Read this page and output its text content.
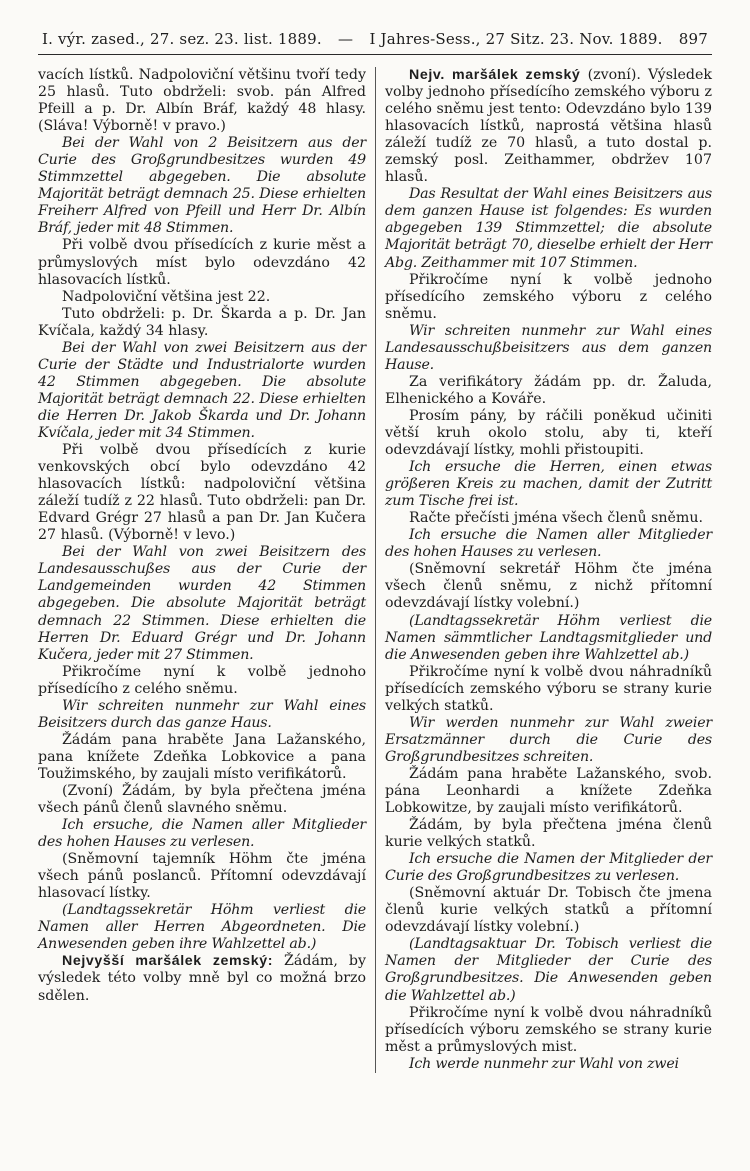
I. výr. zased., 27. sez. 23. list. 1889. — I Jahres-Sess., 27 Sitz. 23. Nov. 1889. 897

vacích lístků. Nadpoloviční většinu tvoří tedy 25 hlasů. Tuto obdrželi: svob. pán Alfred Pfeill a p. Dr. Albín Bráf, každý 48 hlasy. (Sláva! Výborně! v pravo.)

Bei der Wahl von 2 Beisitzern aus der Curie des Großgrundbesitzes wurden 49 Stimmzettel abgegeben. Die absolute Majorität beträgt demnach 25. Diese erhielten Freiherr Alfred von Pfeill und Herr Dr. Albín Bráf, jeder mit 48 Stimmen.

Při volbě dvou přísedících z kurie měst a průmyslových míst bylo odevzdáno 42 hlasovacích lístků.

Nadpoloviční většina jest 22.

Tuto obdrželi: p. Dr. Škarda a p. Dr. Jan Kvíčala, každý 34 hlasy.

Bei der Wahl von zwei Beisitzern aus der Curie der Städte und Industrialorte wurden 42 Stimmen abgegeben. Die absolute Majorität beträgt demnach 22. Diese erhielten die Herren Dr. Jakob Škarda und Dr. Johann Kvíčala, jeder mit 34 Stimmen.

Při volbě dvou přísedících z kurie venkovských obcí bylo odevzdáno 42 hlasovacích lístků: nadpoloviční většina záleží tudíž z 22 hlasů. Tuto obdrželi: pan Dr. Edvard Grégr 27 hlasů a pan Dr. Jan Kučera 27 hlasů. (Výborně! v levo.)

Bei der Wahl von zwei Beisitzern des Landesausschußes aus der Curie der Landgemeinden wurden 42 Stimmen abgegeben. Die absolute Majorität beträgt demnach 22 Stimmen. Diese erhielten die Herren Dr. Eduard Grégr und Dr. Johann Kučera, jeder mit 27 Stimmen.

Přikročíme nyní k volbě jednoho přísedícího z celého sněmu.

Wir schreiten nunmehr zur Wahl eines Beisitzers durch das ganze Haus.

Žádám pana hraběte Jana Lažanského, pana knížete Zdeňka Lobkovice a pana Toužimského, by zaujali místo verifikátorů.

(Zvoní) Žádám, by byla přečtena jména všech pánů členů slavného sněmu.

Ich ersuche, die Namen aller Mitglieder des hohen Hauses zu verlesen.

(Sněmovní tajemník Höhm čte jména všech pánů poslanců. Přítomní odevzdávají hlasovací lístky.

(Landtagssekretär Höhm verliest die Namen aller Herren Abgeordneten. Die Anwesenden geben ihre Wahlzettel ab.)

Nejvyšší maršálek zemský: Žádám, by výsledek této volby mně byl co možná brzo sdělen.

Nejv. maršálek zemský (zvoní). Výsledek volby jednoho přísedícího zemského výboru z celého sněmu jest tento: Odevzdáno bylo 139 hlasovacích lístků, naprostá většina hlasů záleží tudíž ze 70 hlasů, a tuto dostal p. zemský posl. Zeithammer, obdržev 107 hlasů.

Das Resultat der Wahl eines Beisitzers aus dem ganzen Hause ist folgendes: Es wurden abgegeben 139 Stimmzettel; die absolute Majorität beträgt 70, dieselbe erhielt der Herr Abg. Zeithammer mit 107 Stimmen.

Přikročíme nyní k volbě jednoho přísedícího zemského výboru z celého sněmu.

Wir schreiten nunmehr zur Wahl eines Landesausschußbeisitzers aus dem ganzen Hause.

Za verifikátory žádám pp. dr. Žaluda, Elhenického a Kováře.

Prosím pány, by ráčili poněkud učiniti větší kruh okolo stolu, aby ti, kteří odevzdávají lístky, mohli přistoupiti.

Ich ersuche die Herren, einen etwas größeren Kreis zu machen, damit der Zutritt zum Tische frei ist.

Račte přečísti jména všech členů sněmu.

Ich ersuche die Namen aller Mitglieder des hohen Hauses zu verlesen.

(Sněmovní sekretář Höhm čte jména všech členů sněmu, z nichž přítomní odevzdávají lístky volební.)

(Landtagssekretär Höhm verliest die Namen sämmtlicher Landtagsmitglieder und die Anwesenden geben ihre Wahlzettel ab.)

Přikročíme nyní k volbě dvou náhradníků přísedících zemského výboru se strany kurie velkých statků.

Wir werden nunmehr zur Wahl zweier Ersatzmänner durch die Curie des Großgrundbesitzes schreiten.

Žádám pana hraběte Lažanského, svob. pána Leonhardi a knížete Zdeňka Lobkowitze, by zaujali místo verifikátorů.

Žádám, by byla přečtena jména členů kurie velkých statků.

Ich ersuche die Namen der Mitglieder der Curie des Großgrundbesitzes zu verlesen.

(Sněmovní aktuár Dr. Tobisch čte jmena členů kurie velkých statků a přítomní odevzdávají lístky volební.)

(Landtagsaktuar Dr. Tobisch verliest die Namen der Mitglieder der Curie des Großgrundbesitzes. Die Anwesenden geben die Wahlzettel ab.)

Přikročíme nyní k volbě dvou náhradníků přísedících výboru zemského se strany kurie měst a průmyslových mist.

Ich werde nunmehr zur Wahl von zwei
